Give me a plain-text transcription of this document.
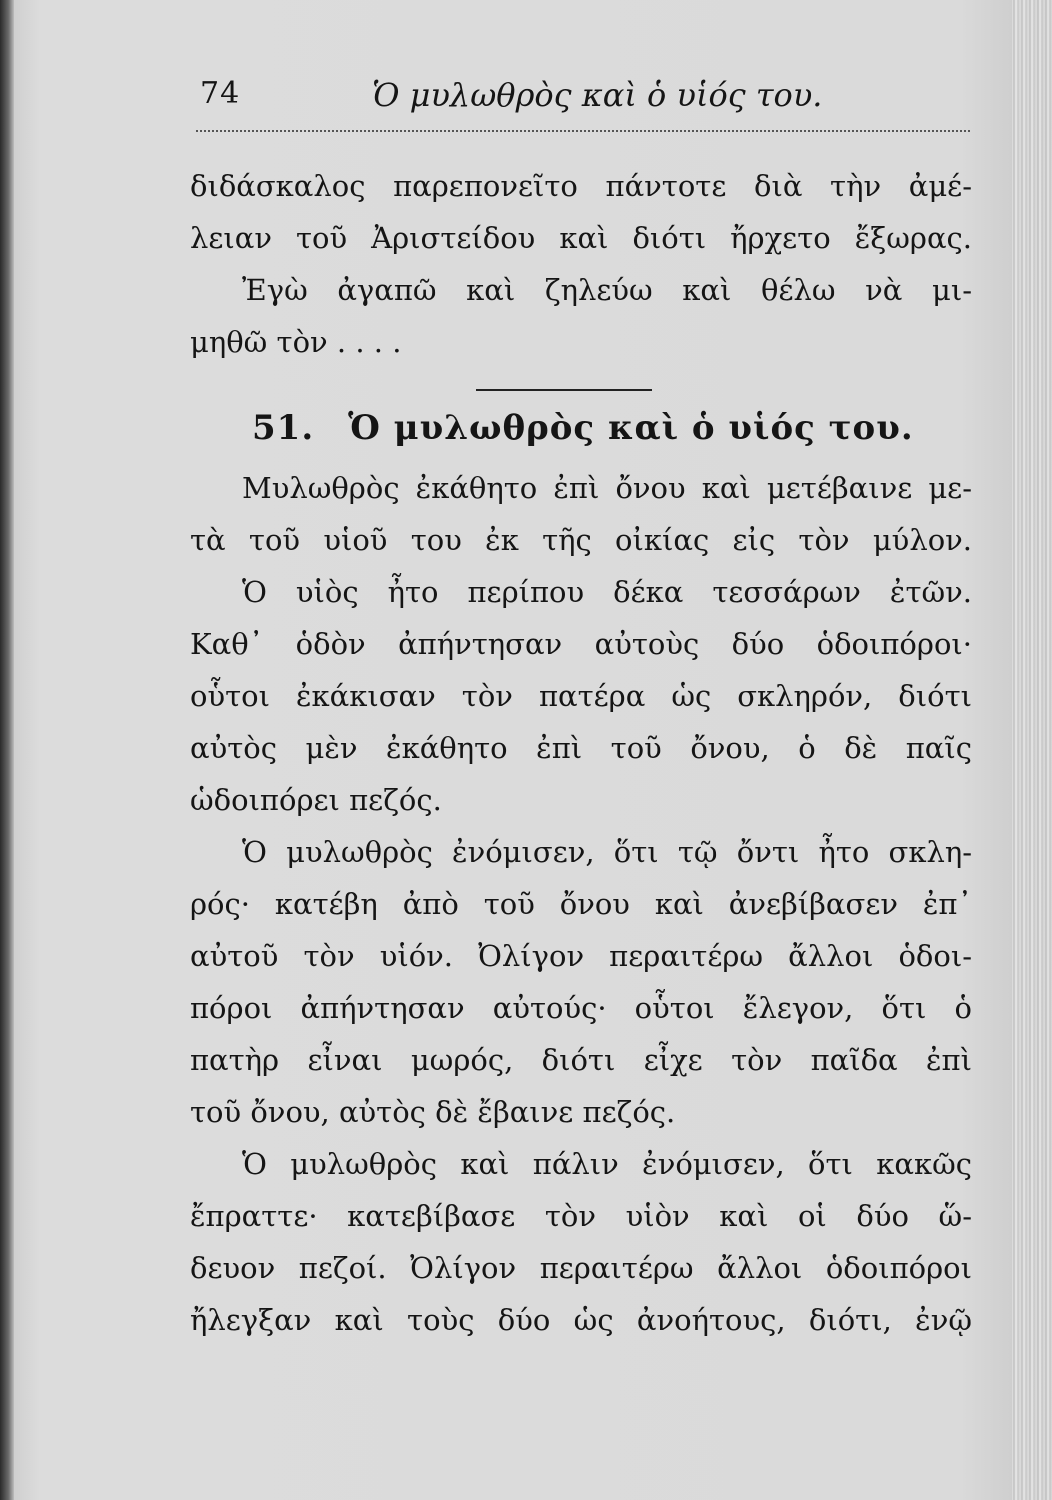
74	Ὁ μυλωθρὸς καὶ ὁ υἱός του.
διδάσκαλος παρεπονεῖτο πάντοτε διὰ τὴν ἀμέ-
λειαν τοῦ Ἀριστείδου καὶ διότι ἤρχετο ἔξωρας.
Ἐγὼ ἀγαπῶ καὶ ζηλεύω καὶ θέλω νὰ μι-
μηθῶ τὸν . . . .
51. Ὁ μυλωθρὸς καὶ ὁ υἱός του.
Μυλωθρὸς ἐκάθητο ἐπὶ ὄνου καὶ μετέβαινε με-
τὰ τοῦ υἱοῦ του ἐκ τῆς οἰκίας εἰς τὸν μύλον.
Ὁ υἱὸς ἦτο περίπου δέκα τεσσάρων ἐτῶν.
Καθ᾽ ὁδὸν ἀπήντησαν αὐτοὺς δύο ὁδοιπόροι·
οὗτοι ἐκάκισαν τὸν πατέρα ὡς σκληρόν, διότι
αὐτὸς μὲν ἐκάθητο ἐπὶ τοῦ ὄνου, ὁ δὲ παῖς
ὡδοιπόρει πεζός.
Ὁ μυλωθρὸς ἐνόμισεν, ὅτι τῷ ὄντι ἦτο σκλη-
ρός· κατέβη ἀπὸ τοῦ ὄνου καὶ ἀνεβίβασεν ἐπ᾽
αὐτοῦ τὸν υἱόν. Ὀλίγον περαιτέρω ἄλλοι ὁδοι-
πόροι ἀπήντησαν αὐτούς· οὗτοι ἔλεγον, ὅτι ὁ
πατὴρ εἶναι μωρός, διότι εἶχε τὸν παῖδα ἐπὶ
τοῦ ὄνου, αὐτὸς δὲ ἔβαινε πεζός.
Ὁ μυλωθρὸς καὶ πάλιν ἐνόμισεν, ὅτι κακῶς
ἔπραττε· κατεβίβασε τὸν υἱὸν καὶ οἱ δύο ὥ-
δευον πεζοί. Ὀλίγον περαιτέρω ἄλλοι ὁδοιπόροι
ἤλεγξαν καὶ τοὺς δύο ὡς ἀνοήτους, διότι, ἐνῷ
